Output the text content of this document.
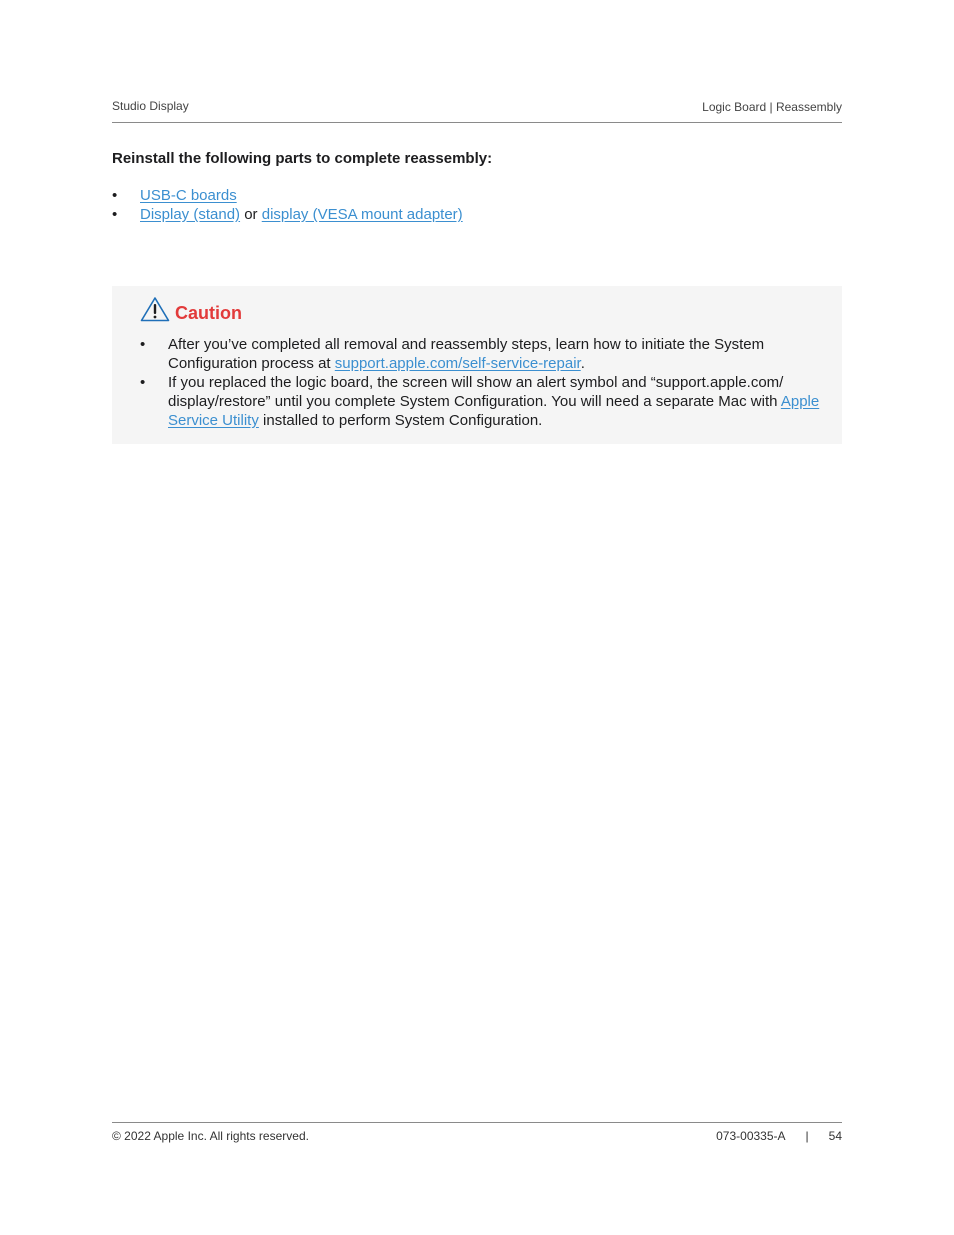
Studio Display	Logic Board | Reassembly
Reinstall the following parts to complete reassembly:
• USB-C boards
• Display (stand) or display (VESA mount adapter)
Caution
• After you’ve completed all removal and reassembly steps, learn how to initiate the System Configuration process at support.apple.com/self-service-repair.
• If you replaced the logic board, the screen will show an alert symbol and “support.apple.com/ display/restore” until you complete System Configuration. You will need a separate Mac with Apple Service Utility installed to perform System Configuration.
© 2022 Apple Inc. All rights reserved.	073-00335-A | 54
